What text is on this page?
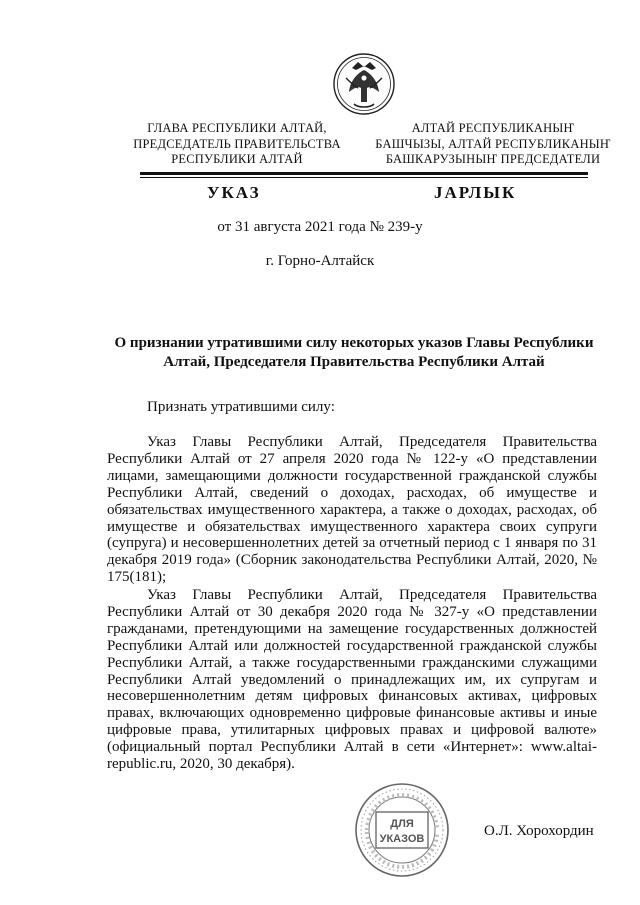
ГЛАВА РЕСПУБЛИКИ АЛТАЙ,
ПРЕДСЕДАТЕЛЬ ПРАВИТЕЛЬСТВА
РЕСПУБЛИКИ АЛТАЙ
АЛТАЙ РЕСПУБЛИКАНЫҤ
БАШЧЫЗЫ, АЛТАЙ РЕСПУБЛИКАНЫҤ
БАШКАРУЗЫНЫҤ ПРЕДСЕДАТЕЛИ
УКАЗ	JАРЛЫК
от 31 августа 2021 года № 239-у
г. Горно-Алтайск
О признании утратившими силу некоторых указов Главы Республики Алтай, Председателя Правительства Республики Алтай
Признать утратившими силу:

Указ Главы Республики Алтай, Председателя Правительства Республики Алтай от 27 апреля 2020 года № 122-у «О представлении лицами, замещающими должности государственной гражданской службы Республики Алтай, сведений о доходах, расходах, об имуществе и обязательствах имущественного характера, а также о доходах, расходах, об имуществе и обязательствах имущественного характера своих супруги (супруга) и несовершеннолетних детей за отчетный период с 1 января по 31 декабря 2019 года» (Сборник законодательства Республики Алтай, 2020, № 175(181);

Указ Главы Республики Алтай, Председателя Правительства Республики Алтай от 30 декабря 2020 года № 327-у «О представлении гражданами, претендующими на замещение государственных должностей Республики Алтай или должностей государственной гражданской службы Республики Алтай, а также государственными гражданскими служащими Республики Алтай уведомлений о принадлежащих им, их супругам и несовершеннолетним детям цифровых финансовых активах, цифровых правах, включающих одновременно цифровые финансовые активы и иные цифровые права, утилитарных цифровых правах и цифровой валюте» (официальный портал Республики Алтай в сети «Интернет»: www.altai-republic.ru, 2020, 30 декабря).

ДЛЯ
УКАЗОВ	О.Л. Хорохордин
